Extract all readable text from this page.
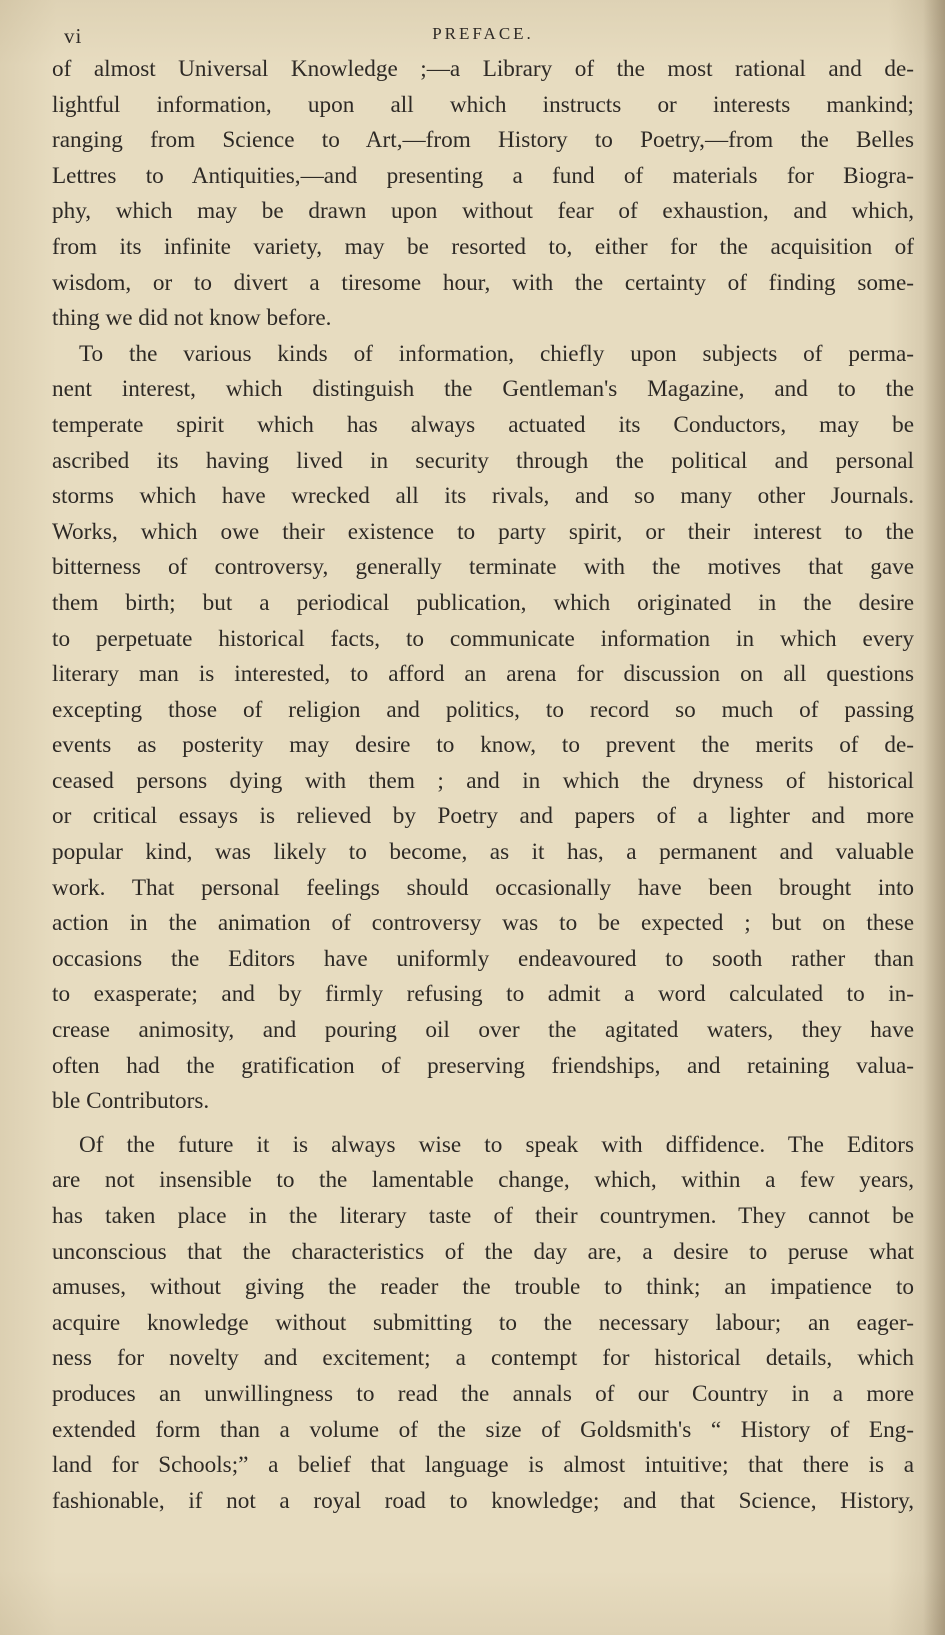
vi	PREFACE.

of almost Universal Knowledge ;—a Library of the most rational and de-
lightful information, upon all which instructs or interests mankind;
ranging from Science to Art,—from History to Poetry,—from the Belles
Lettres to Antiquities,—and presenting a fund of materials for Biogra-
phy, which may be drawn upon without fear of exhaustion, and which,
from its infinite variety, may be resorted to, either for the acquisition of
wisdom, or to divert a tiresome hour, with the certainty of finding some-
thing we did not know before.

To the various kinds of information, chiefly upon subjects of perma-
nent interest, which distinguish the Gentleman's Magazine, and to the
temperate spirit which has always actuated its Conductors, may be
ascribed its having lived in security through the political and personal
storms which have wrecked all its rivals, and so many other Journals.
Works, which owe their existence to party spirit, or their interest to the
bitterness of controversy, generally terminate with the motives that gave
them birth; but a periodical publication, which originated in the desire
to perpetuate historical facts, to communicate information in which every
literary man is interested, to afford an arena for discussion on all questions
excepting those of religion and politics, to record so much of passing
events as posterity may desire to know, to prevent the merits of de-
ceased persons dying with them ; and in which the dryness of historical
or critical essays is relieved by Poetry and papers of a lighter and more
popular kind, was likely to become, as it has, a permanent and valuable
work. That personal feelings should occasionally have been brought into
action in the animation of controversy was to be expected ; but on these
occasions the Editors have uniformly endeavoured to sooth rather than
to exasperate; and by firmly refusing to admit a word calculated to in-
crease animosity, and pouring oil over the agitated waters, they have
often had the gratification of preserving friendships, and retaining valua-
ble Contributors.

Of the future it is always wise to speak with diffidence. The Editors
are not insensible to the lamentable change, which, within a few years,
has taken place in the literary taste of their countrymen. They cannot be
unconscious that the characteristics of the day are, a desire to peruse what
amuses, without giving the reader the trouble to think; an impatience to
acquire knowledge without submitting to the necessary labour; an eager-
ness for novelty and excitement; a contempt for historical details, which
produces an unwillingness to read the annals of our Country in a more
extended form than a volume of the size of Goldsmith's “ History of Eng-
land for Schools;” a belief that language is almost intuitive; that there is a
fashionable, if not a royal road to knowledge; and that Science, History,
